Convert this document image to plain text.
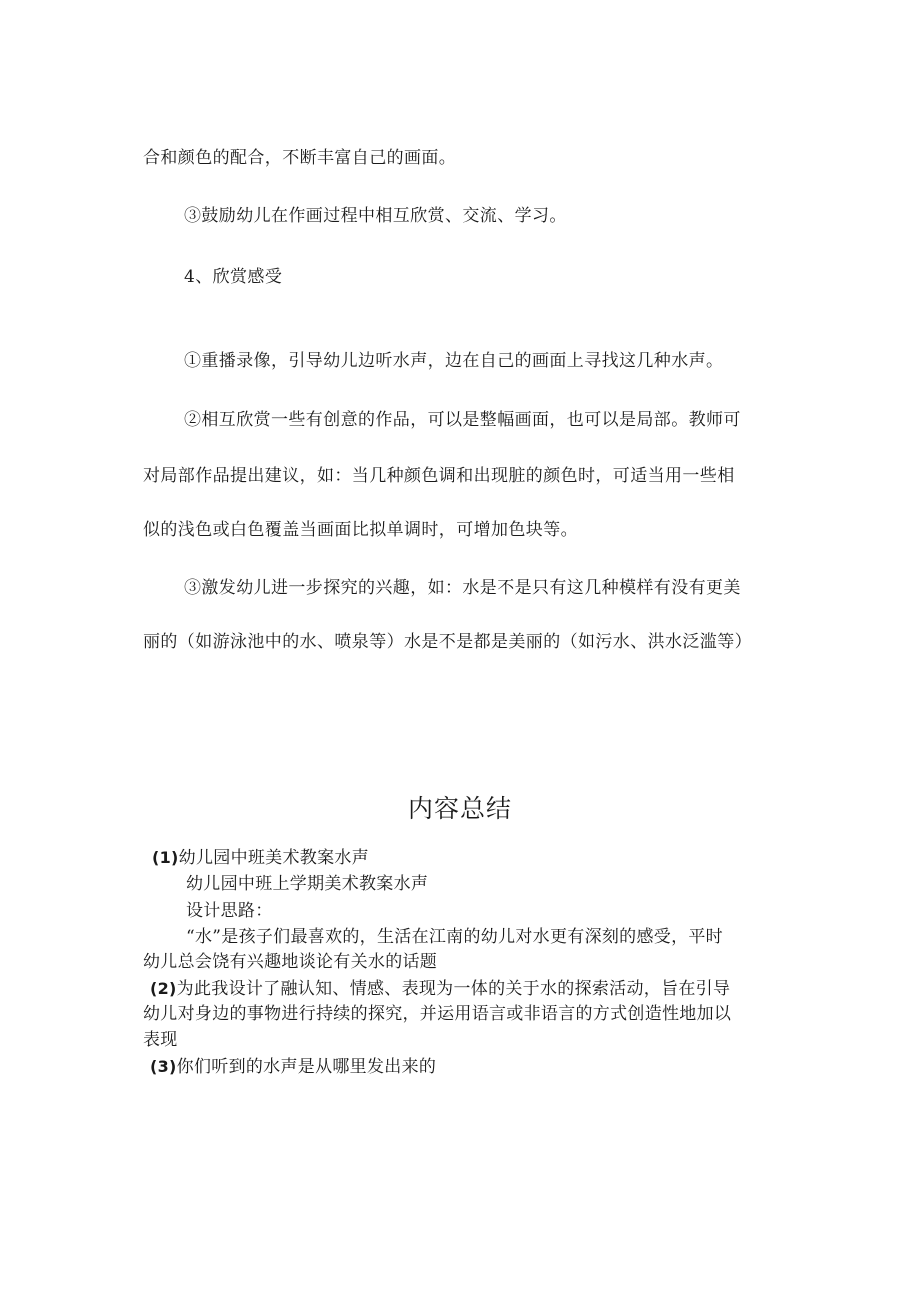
合和颜色的配合，不断丰富自己的画面。

③鼓励幼儿在作画过程中相互欣赏、交流、学习。

4、欣赏感受

①重播录像，引导幼儿边听水声，边在自己的画面上寻找这几种水声。

②相互欣赏一些有创意的作品，可以是整幅画面，也可以是局部。教师可

对局部作品提出建议，如：当几种颜色调和出现脏的颜色时，可适当用一些相

似的浅色或白色覆盖当画面比拟单调时，可增加色块等。

③激发幼儿进一步探究的兴趣，如：水是不是只有这几种模样有没有更美

丽的（如游泳池中的水、喷泉等）水是不是都是美丽的（如污水、洪水泛滥等）

内容总结

(1)幼儿园中班美术教案水声

幼儿园中班上学期美术教案水声

设计思路：

“水”是孩子们最喜欢的，生活在江南的幼儿对水更有深刻的感受，平时

幼儿总会饶有兴趣地谈论有关水的话题

(2)为此我设计了融认知、情感、表现为一体的关于水的探索活动，旨在引导

幼儿对身边的事物进行持续的探究，并运用语言或非语言的方式创造性地加以

表现

(3)你们听到的水声是从哪里发出来的
